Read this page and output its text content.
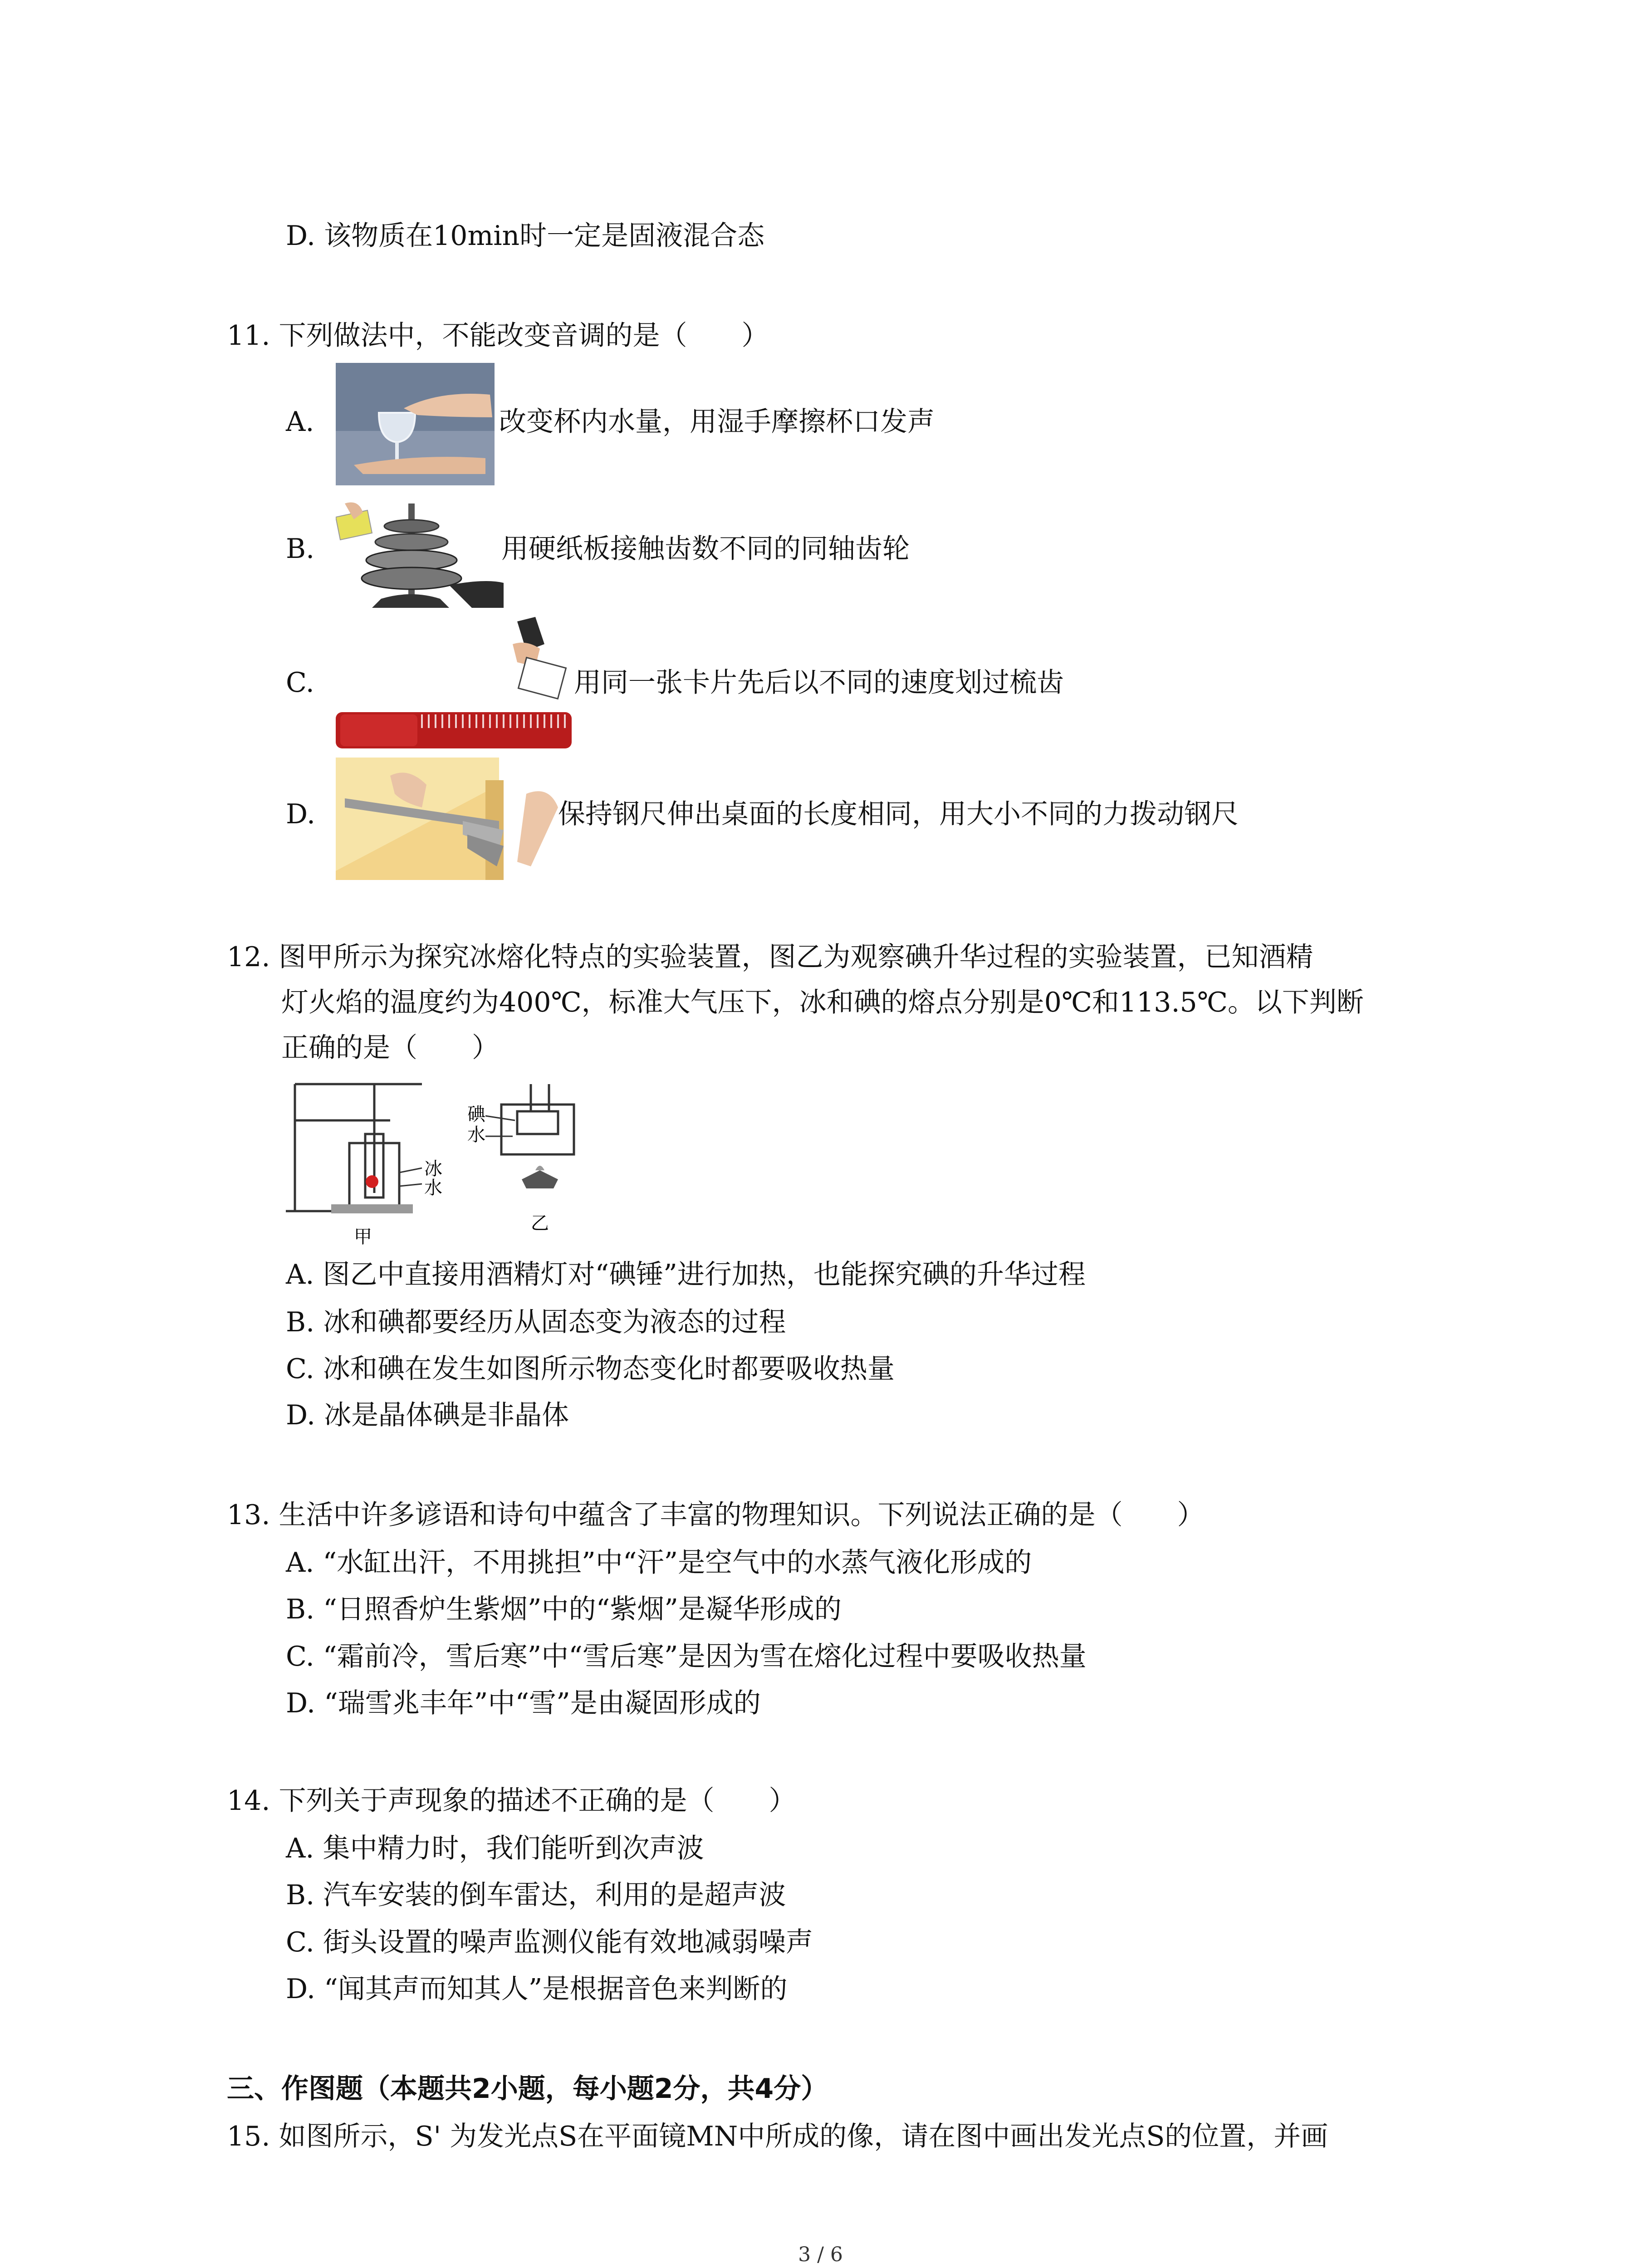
D. 该物质在10min时一定是固液混合态
11. 下列做法中，不能改变音调的是（　　）
A.	改变杯内水量，用湿手摩擦杯口发声
B.	用硬纸板接触齿数不同的同轴齿轮
C.	用同一张卡片先后以不同的速度划过梳齿
D.	保持钢尺伸出桌面的长度相同，用大小不同的力拨动钢尺
12. 图甲所示为探究冰熔化特点的实验装置，图乙为观察碘升华过程的实验装置，已知酒精
灯火焰的温度约为400℃，标准大气压下，冰和碘的熔点分别是0℃和113.5℃。以下判断
正确的是（　　）
冰
水
甲
碘
水
乙
A. 图乙中直接用酒精灯对“碘锤”进行加热，也能探究碘的升华过程
B. 冰和碘都要经历从固态变为液态的过程
C. 冰和碘在发生如图所示物态变化时都要吸收热量
D. 冰是晶体碘是非晶体
13. 生活中许多谚语和诗句中蕴含了丰富的物理知识。下列说法正确的是（　　）
A. “水缸出汗，不用挑担”中“汗”是空气中的水蒸气液化形成的
B. “日照香炉生紫烟”中的“紫烟”是凝华形成的
C. “霜前冷，雪后寒”中“雪后寒”是因为雪在熔化过程中要吸收热量
D. “瑞雪兆丰年”中“雪”是由凝固形成的
14. 下列关于声现象的描述不正确的是（　　）
A. 集中精力时，我们能听到次声波
B. 汽车安装的倒车雷达，利用的是超声波
C. 街头设置的噪声监测仪能有效地减弱噪声
D. “闻其声而知其人”是根据音色来判断的
三、作图题（本题共2小题，每小题2分，共4分）
15. 如图所示，S' 为发光点S在平面镜MN中所成的像，请在图中画出发光点S的位置，并画
3 / 6
